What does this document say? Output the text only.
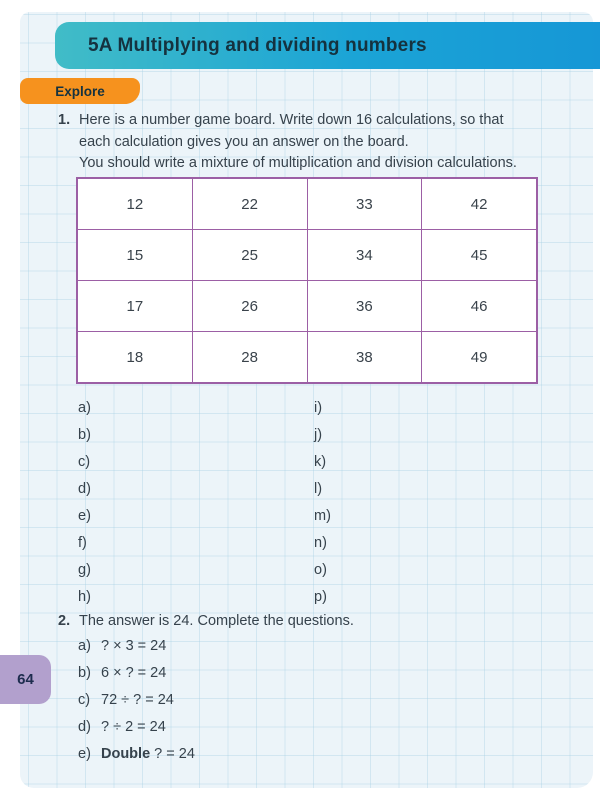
5A Multiplying and dividing numbers
Explore
1. Here is a number game board. Write down 16 calculations, so that
each calculation gives you an answer on the board.
You should write a mixture of multiplication and division calculations.
12	22	33	42
15	25	34	45
17	26	36	46
18	28	38	49
a)	i)
b)	j)
c)	k)
d)	l)
e)	m)
f)	n)
g)	o)
h)	p)
2. The answer is 24. Complete the questions.
a) ? × 3 = 24
b) 6 × ? = 24
c) 72 ÷ ? = 24
d) ? ÷ 2 = 24
e) Double ? = 24
64
